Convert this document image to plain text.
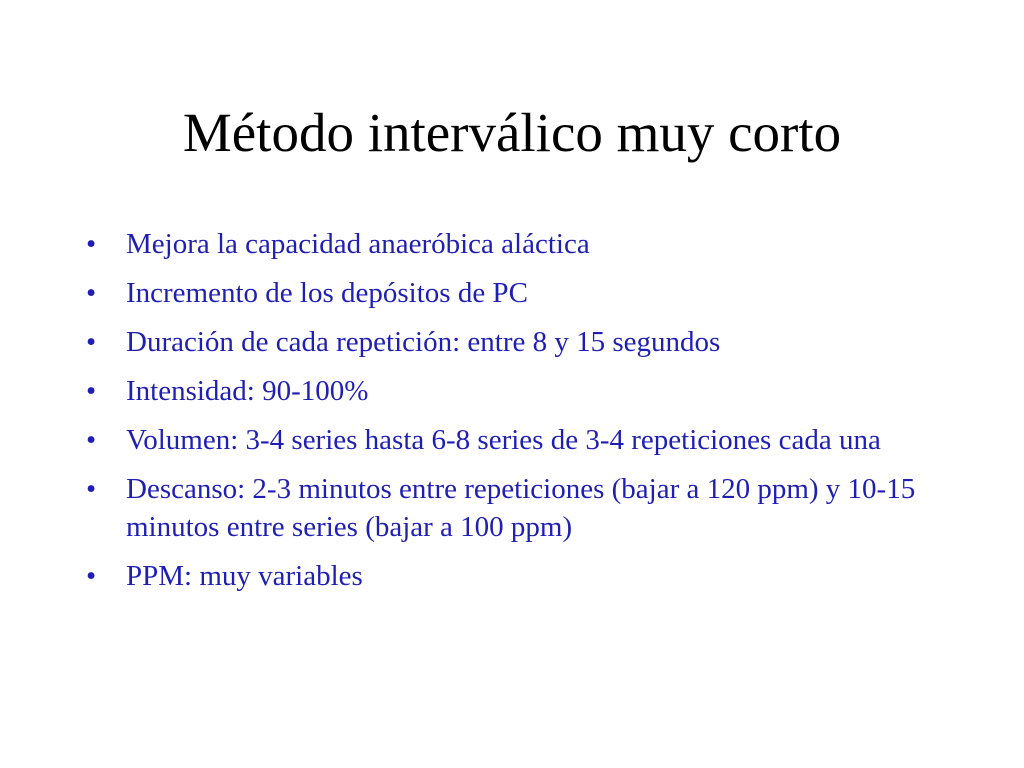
Método interválico muy corto
•	Mejora la capacidad anaeróbica aláctica
•	Incremento de los depósitos de PC
•	Duración de cada repetición: entre 8 y 15 segundos
•	Intensidad: 90-100%
•	Volumen: 3-4 series hasta 6-8 series de 3-4 repeticiones cada una
•	Descanso: 2-3 minutos entre repeticiones (bajar a 120 ppm) y 10-15 minutos entre series (bajar a 100 ppm)
•	PPM: muy variables
